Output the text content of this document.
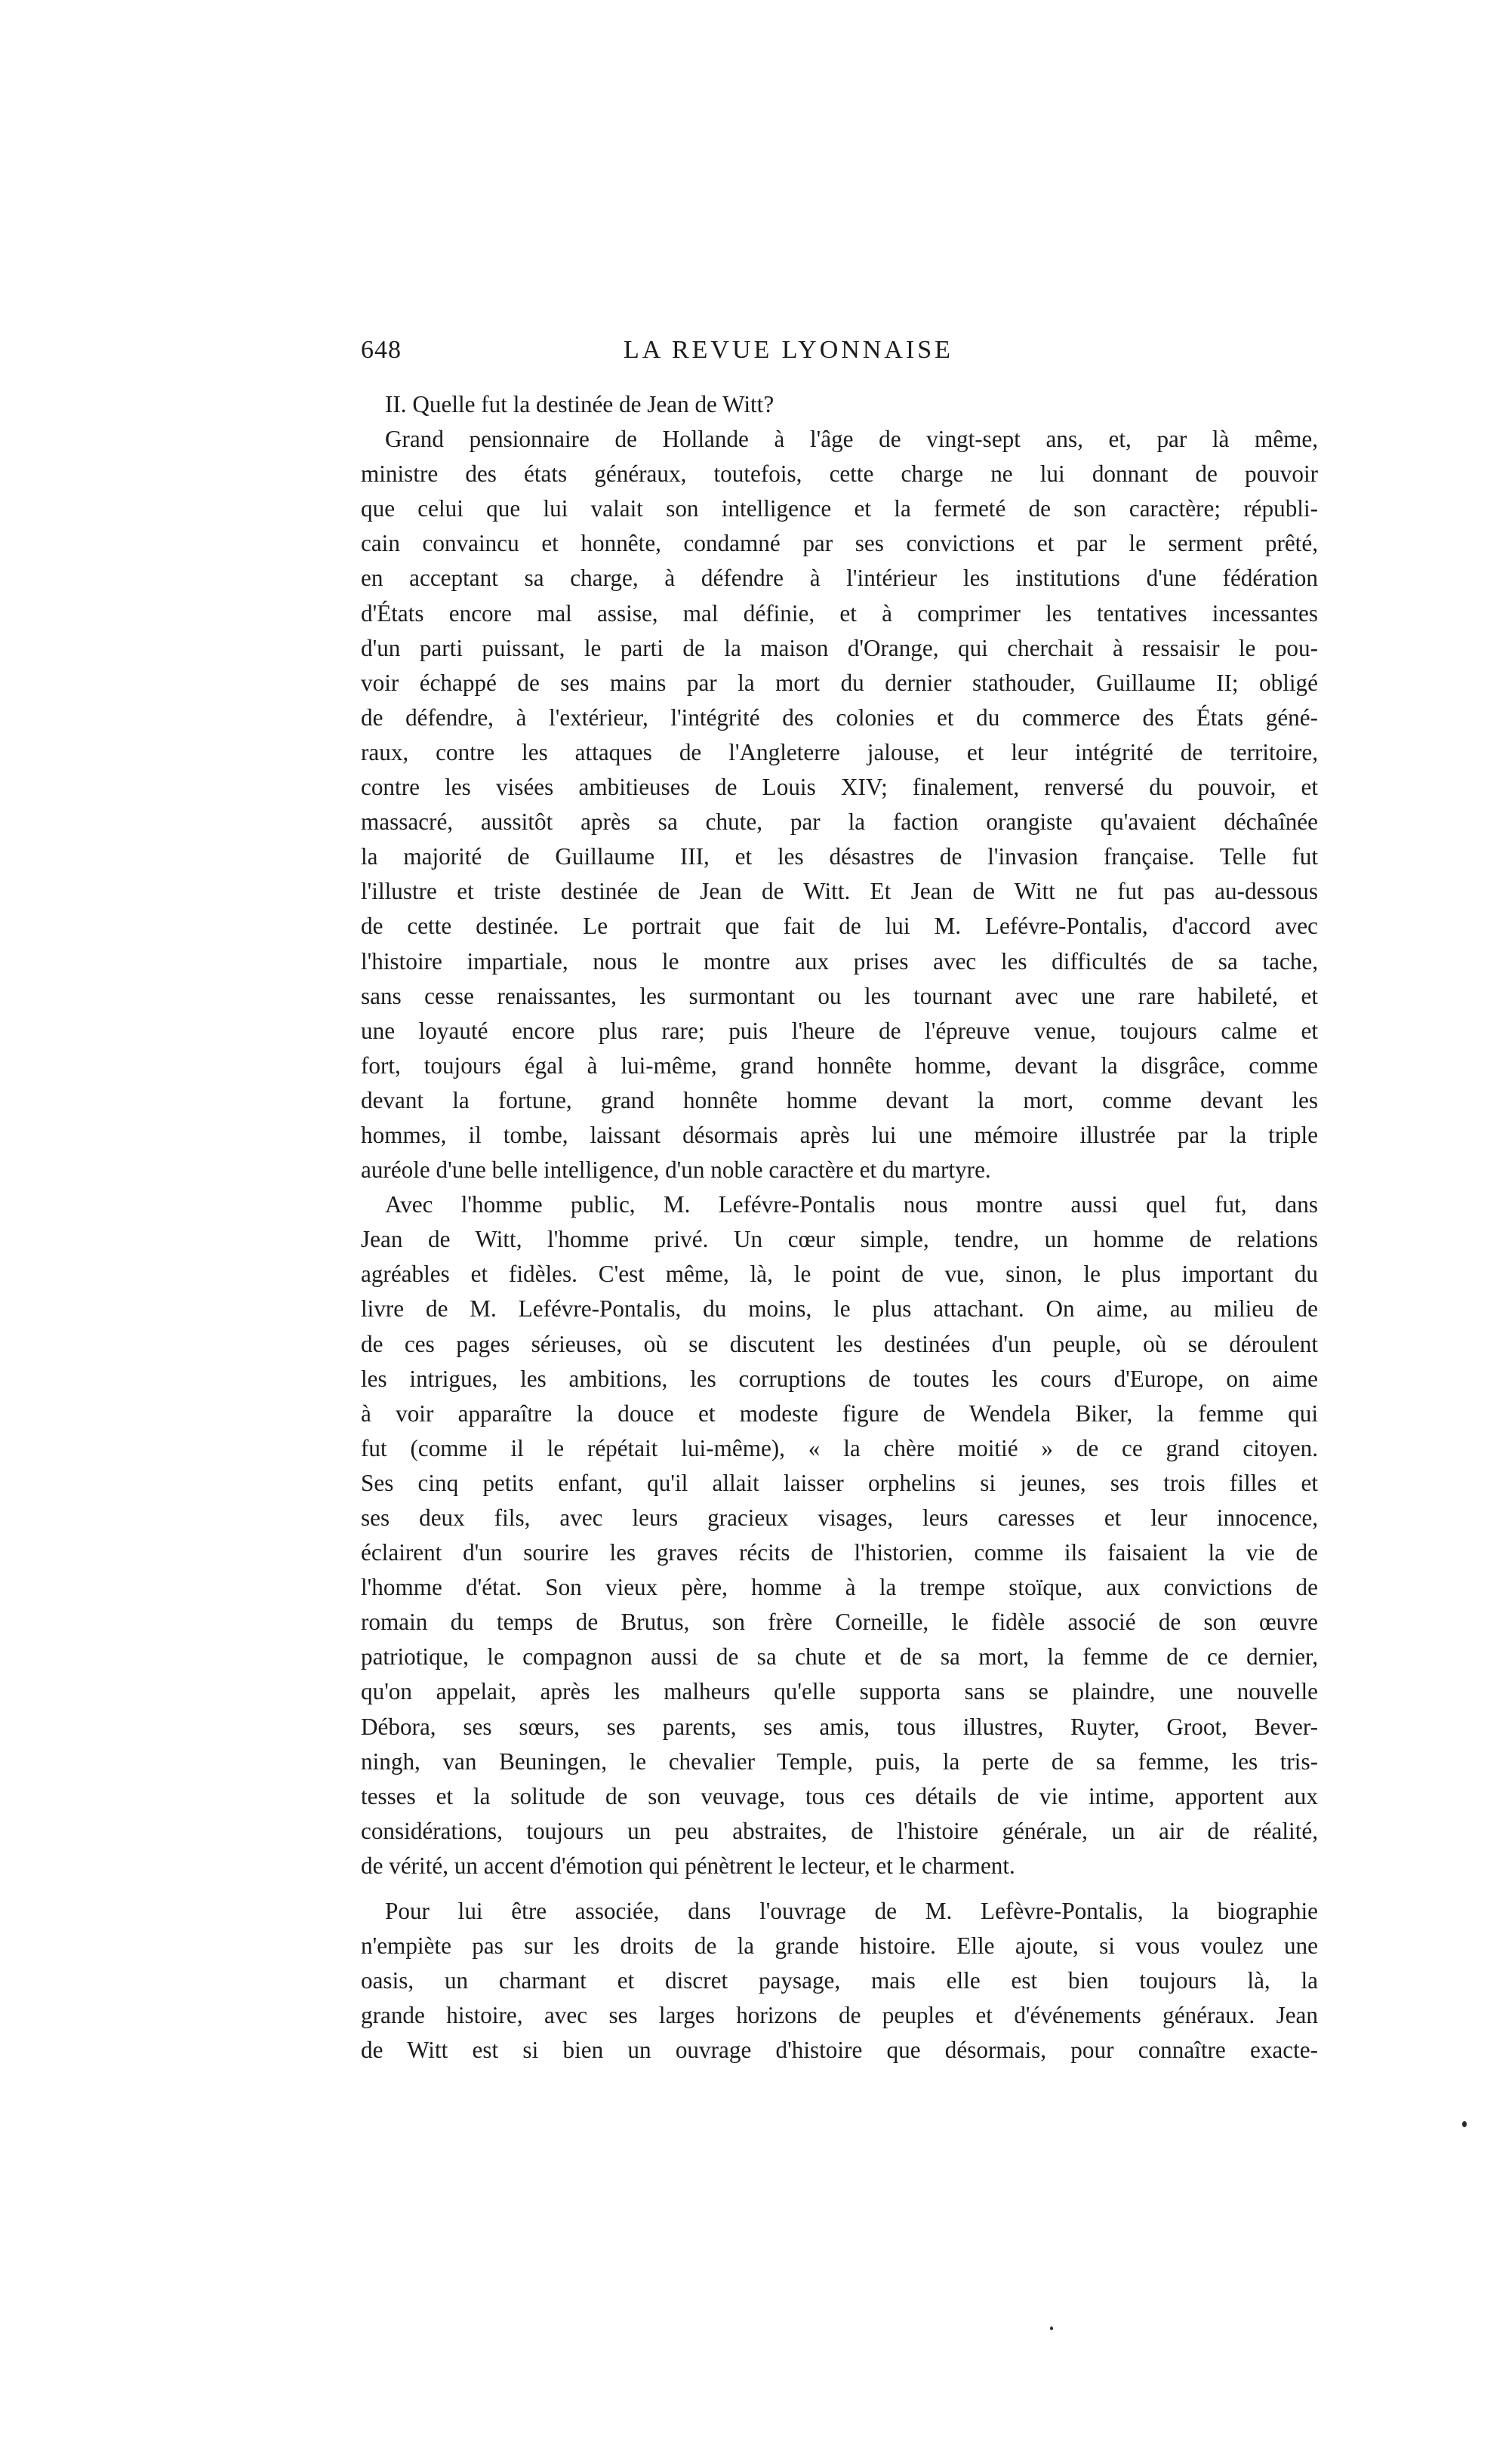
648	LA REVUE LYONNAISE
II. Quelle fut la destinée de Jean de Witt?
Grand pensionnaire de Hollande à l'âge de vingt-sept ans, et, par là même,
ministre des états généraux, toutefois, cette charge ne lui donnant de pouvoir
que celui que lui valait son intelligence et la fermeté de son caractère; républi-
cain convaincu et honnête, condamné par ses convictions et par le serment prêté,
en acceptant sa charge, à défendre à l'intérieur les institutions d'une fédération
d'États encore mal assise, mal définie, et à comprimer les tentatives incessantes
d'un parti puissant, le parti de la maison d'Orange, qui cherchait à ressaisir le pou-
voir échappé de ses mains par la mort du dernier stathouder, Guillaume II; obligé
de défendre, à l'extérieur, l'intégrité des colonies et du commerce des États géné-
raux, contre les attaques de l'Angleterre jalouse, et leur intégrité de territoire,
contre les visées ambitieuses de Louis XIV; finalement, renversé du pouvoir, et
massacré, aussitôt après sa chute, par la faction orangiste qu'avaient déchaînée
la majorité de Guillaume III, et les désastres de l'invasion française. Telle fut
l'illustre et triste destinée de Jean de Witt. Et Jean de Witt ne fut pas au-dessous
de cette destinée. Le portrait que fait de lui M. Lefévre-Pontalis, d'accord avec
l'histoire impartiale, nous le montre aux prises avec les difficultés de sa tache,
sans cesse renaissantes, les surmontant ou les tournant avec une rare habileté, et
une loyauté encore plus rare; puis l'heure de l'épreuve venue, toujours calme et
fort, toujours égal à lui-même, grand honnête homme, devant la disgrâce, comme
devant la fortune, grand honnête homme devant la mort, comme devant les
hommes, il tombe, laissant désormais après lui une mémoire illustrée par la triple
auréole d'une belle intelligence, d'un noble caractère et du martyre.
Avec l'homme public, M. Lefévre-Pontalis nous montre aussi quel fut, dans
Jean de Witt, l'homme privé. Un cœur simple, tendre, un homme de relations
agréables et fidèles. C'est même, là, le point de vue, sinon, le plus important du
livre de M. Lefévre-Pontalis, du moins, le plus attachant. On aime, au milieu de
de ces pages sérieuses, où se discutent les destinées d'un peuple, où se déroulent
les intrigues, les ambitions, les corruptions de toutes les cours d'Europe, on aime
à voir apparaître la douce et modeste figure de Wendela Biker, la femme qui
fut (comme il le répétait lui-même), « la chère moitié » de ce grand citoyen.
Ses cinq petits enfant, qu'il allait laisser orphelins si jeunes, ses trois filles et
ses deux fils, avec leurs gracieux visages, leurs caresses et leur innocence,
éclairent d'un sourire les graves récits de l'historien, comme ils faisaient la vie de
l'homme d'état. Son vieux père, homme à la trempe stoïque, aux convictions de
romain du temps de Brutus, son frère Corneille, le fidèle associé de son œuvre
patriotique, le compagnon aussi de sa chute et de sa mort, la femme de ce dernier,
qu'on appelait, après les malheurs qu'elle supporta sans se plaindre, une nouvelle
Débora, ses sœurs, ses parents, ses amis, tous illustres, Ruyter, Groot, Bever-
ningh, van Beuningen, le chevalier Temple, puis, la perte de sa femme, les tris-
tesses et la solitude de son veuvage, tous ces détails de vie intime, apportent aux
considérations, toujours un peu abstraites, de l'histoire générale, un air de réalité,
de vérité, un accent d'émotion qui pénètrent le lecteur, et le charment.
Pour lui être associée, dans l'ouvrage de M. Lefèvre-Pontalis, la biographie
n'empiète pas sur les droits de la grande histoire. Elle ajoute, si vous voulez une
oasis, un charmant et discret paysage, mais elle est bien toujours là, la
grande histoire, avec ses larges horizons de peuples et d'événements généraux. Jean
de Witt est si bien un ouvrage d'histoire que désormais, pour connaître exacte-
